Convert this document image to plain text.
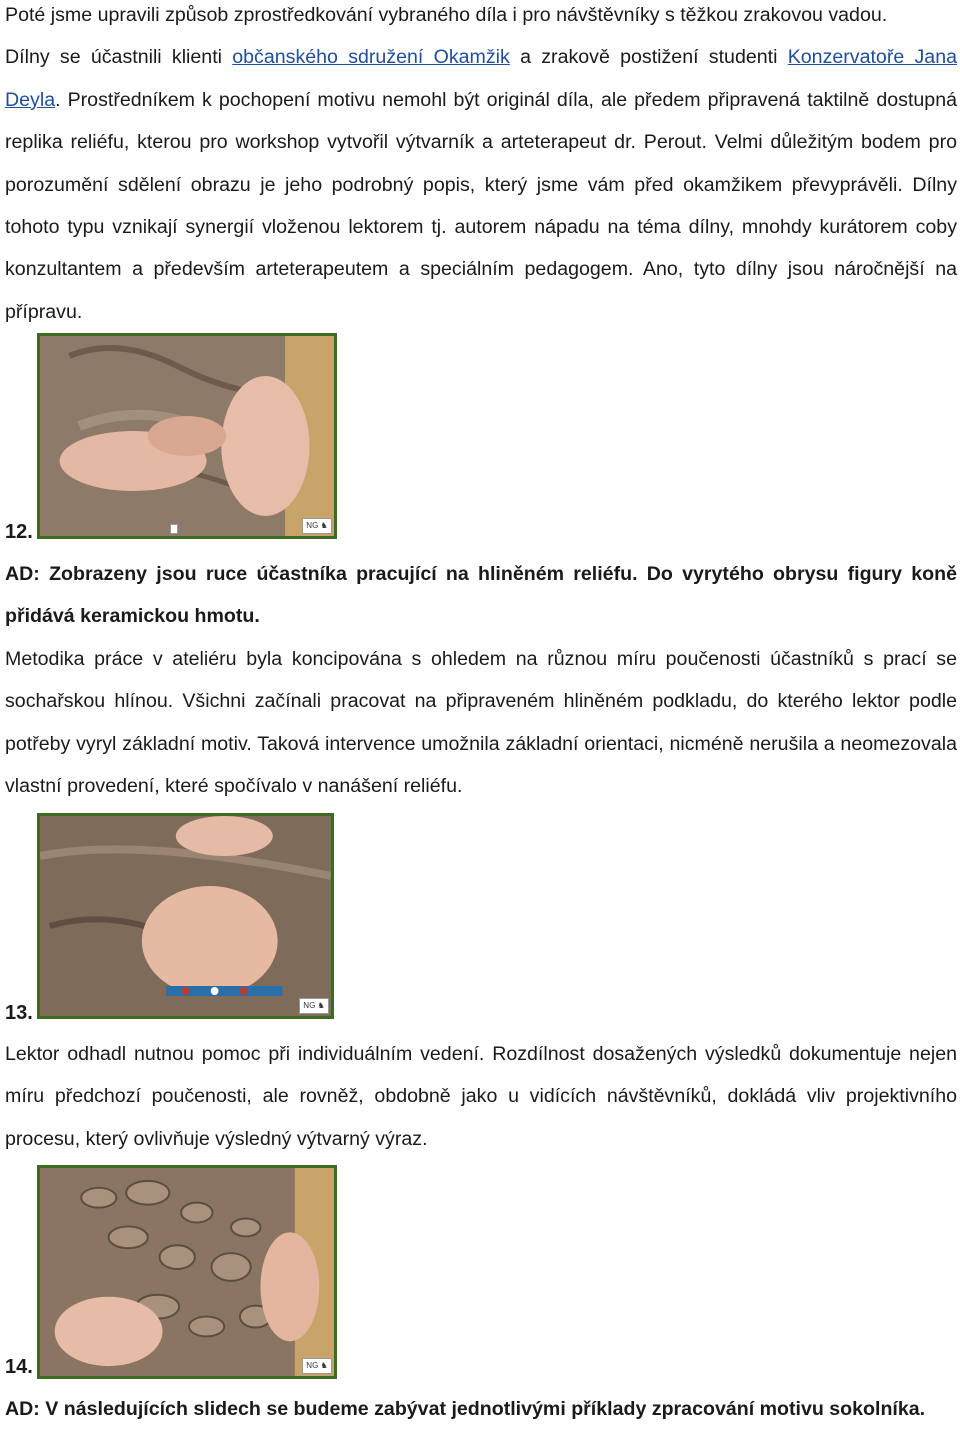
Poté jsme upravili způsob zprostředkování vybraného díla i pro návštěvníky s těžkou zrakovou vadou.
Dílny se účastnili klienti občanského sdružení Okamžik a zrakově postižení studenti Konzervatoře Jana Deyla. Prostředníkem k pochopení motivu nemohl být originál díla, ale předem připravená taktilně dostupná replika reliéfu, kterou pro workshop vytvořil výtvarník a arteterapeut dr. Perout. Velmi důležitým bodem pro porozumění sdělení obrazu je jeho podrobný popis, který jsme vám před okamžikem převyprávěli. Dílny tohoto typu vznikají synergií vloženou lektorem tj. autorem nápadu na téma dílny, mnohdy kurátorem coby konzultantem a především arteterapeutem a speciálním pedagogem. Ano, tyto dílny jsou náročnější na přípravu.

NG ♞
12.

AD: Zobrazeny jsou ruce účastníka pracující na hliněném reliéfu. Do vyrytého obrysu figury koně přidává keramickou hmotu.

Metodika práce v ateliéru byla koncipována s ohledem na různou míru poučenosti účastníků s prací se sochařskou hlínou. Všichni začínali pracovat na připraveném hliněném podkladu, do kterého lektor podle potřeby vyryl základní motiv. Taková intervence umožnila základní orientaci, nicméně nerušila a neomezovala vlastní provedení, které spočívalo v nanášení reliéfu.

NG ♞
13.

Lektor odhadl nutnou pomoc při individuálním vedení. Rozdílnost dosažených výsledků dokumentuje nejen míru předchozí poučenosti, ale rovněž, obdobně jako u vidících návštěvníků, dokládá vliv projektivního procesu, který ovlivňuje výsledný výtvarný výraz.

NG ♞
14.

AD: V následujících slidech se budeme zabývat jednotlivými příklady zpracování motivu sokolníka.
